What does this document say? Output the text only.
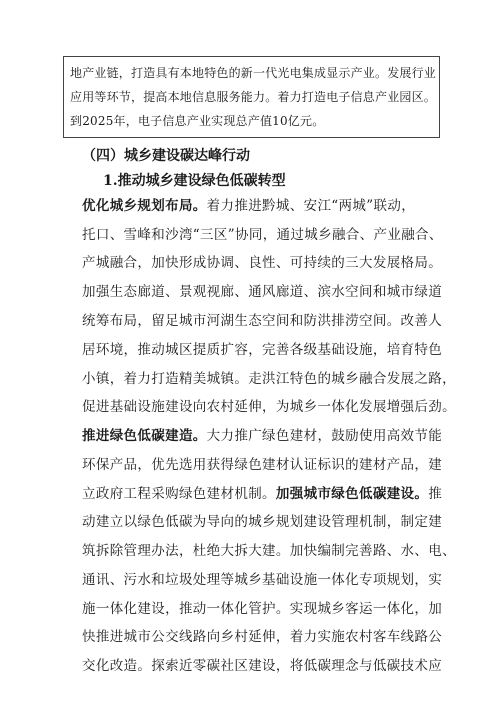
地产业链，打造具有本地特色的新一代光电集成显示产业。发展行业
应用等环节，提高本地信息服务能力。着力打造电子信息产业园区。
到2025年，电子信息产业实现总产值10亿元。
（四）城乡建设碳达峰行动
1.推动城乡建设绿色低碳转型
优化城乡规划布局。着力推进黔城、安江“两城”联动，
托口、雪峰和沙湾“三区”协同，通过城乡融合、产业融合、
产城融合，加快形成协调、良性、可持续的三大发展格局。
加强生态廊道、景观视廊、通风廊道、滨水空间和城市绿道
统筹布局，留足城市河湖生态空间和防洪排涝空间。改善人
居环境，推动城区提质扩容，完善各级基础设施，培育特色
小镇，着力打造精美城镇。走洪江特色的城乡融合发展之路，
促进基础设施建设向农村延伸，为城乡一体化发展增强后劲。
推进绿色低碳建造。大力推广绿色建材，鼓励使用高效节能
环保产品，优先选用获得绿色建材认证标识的建材产品，建
立政府工程采购绿色建材机制。加强城市绿色低碳建设。推
动建立以绿色低碳为导向的城乡规划建设管理机制，制定建
筑拆除管理办法，杜绝大拆大建。加快编制完善路、水、电、
通讯、污水和垃圾处理等城乡基础设施一体化专项规划，实
施一体化建设，推动一体化管护。实现城乡客运一体化，加
快推进城市公交线路向乡村延伸，着力实施农村客车线路公
交化改造。探索近零碳社区建设，将低碳理念与低碳技术应
